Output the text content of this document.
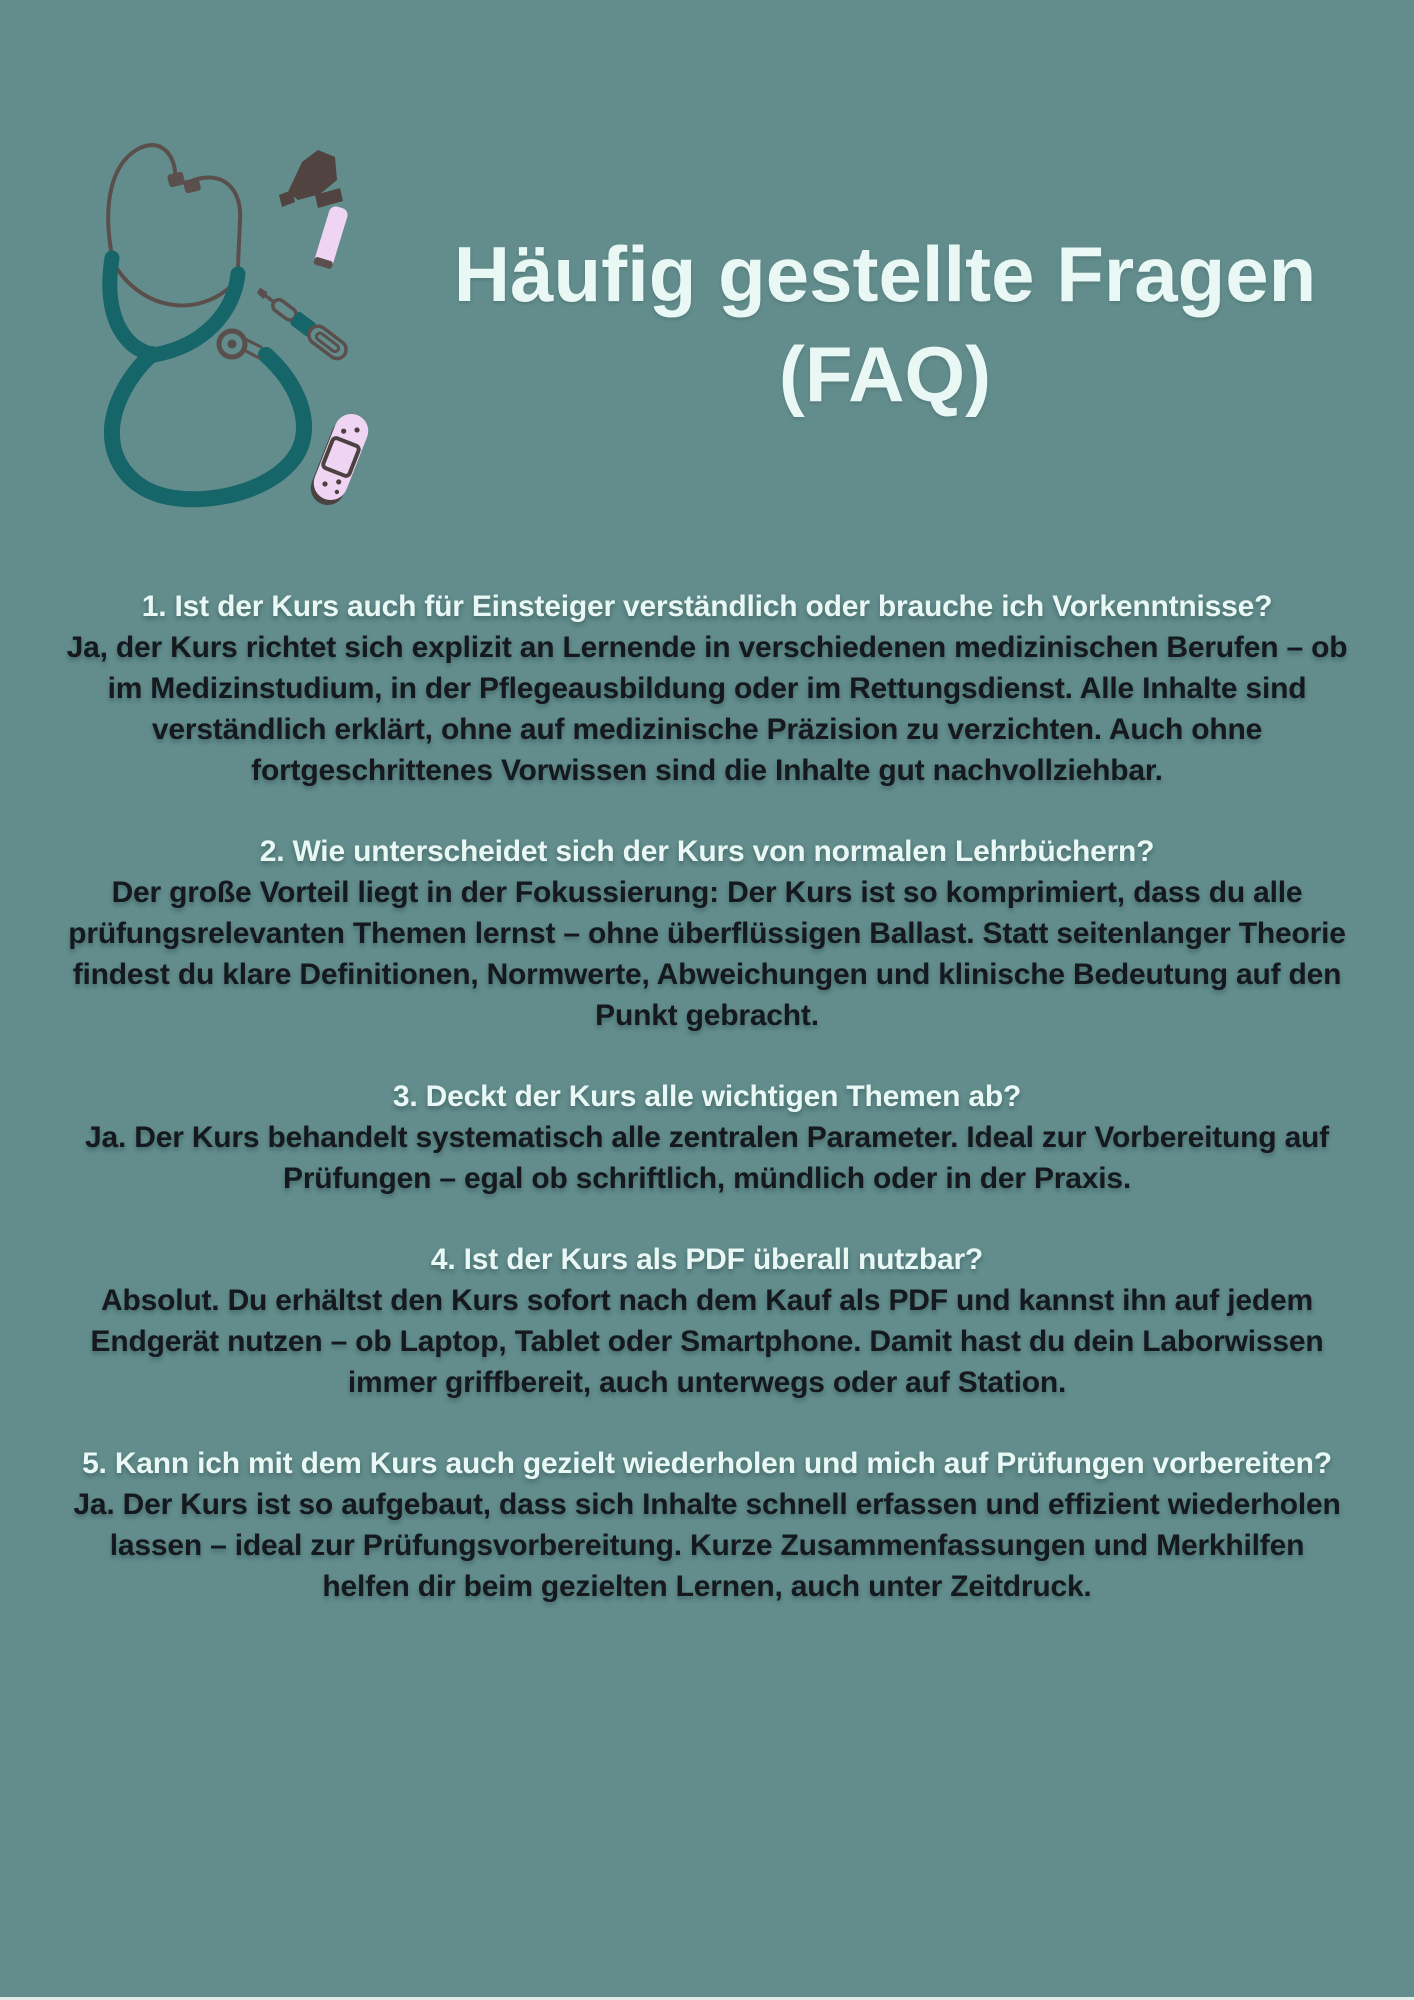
Häufig gestellte Fragen
(FAQ)

1. Ist der Kurs auch für Einsteiger verständlich oder brauche ich Vorkenntnisse?

Ja, der Kurs richtet sich explizit an Lernende in verschiedenen medizinischen Berufen – ob im Medizinstudium, in der Pflegeausbildung oder im Rettungsdienst. Alle Inhalte sind verständlich erklärt, ohne auf medizinische Präzision zu verzichten. Auch ohne fortgeschrittenes Vorwissen sind die Inhalte gut nachvollziehbar.

2. Wie unterscheidet sich der Kurs von normalen Lehrbüchern?

Der große Vorteil liegt in der Fokussierung: Der Kurs ist so komprimiert, dass du alle prüfungsrelevanten Themen lernst – ohne überflüssigen Ballast. Statt seitenlanger Theorie findest du klare Definitionen, Normwerte, Abweichungen und klinische Bedeutung auf den Punkt gebracht.

3. Deckt der Kurs alle wichtigen Themen ab?

Ja. Der Kurs behandelt systematisch alle zentralen Parameter. Ideal zur Vorbereitung auf Prüfungen – egal ob schriftlich, mündlich oder in der Praxis.

4. Ist der Kurs als PDF überall nutzbar?

Absolut. Du erhältst den Kurs sofort nach dem Kauf als PDF und kannst ihn auf jedem Endgerät nutzen – ob Laptop, Tablet oder Smartphone. Damit hast du dein Laborwissen immer griffbereit, auch unterwegs oder auf Station.

5. Kann ich mit dem Kurs auch gezielt wiederholen und mich auf Prüfungen vorbereiten?

Ja. Der Kurs ist so aufgebaut, dass sich Inhalte schnell erfassen und effizient wiederholen lassen – ideal zur Prüfungsvorbereitung. Kurze Zusammenfassungen und Merkhilfen helfen dir beim gezielten Lernen, auch unter Zeitdruck.
